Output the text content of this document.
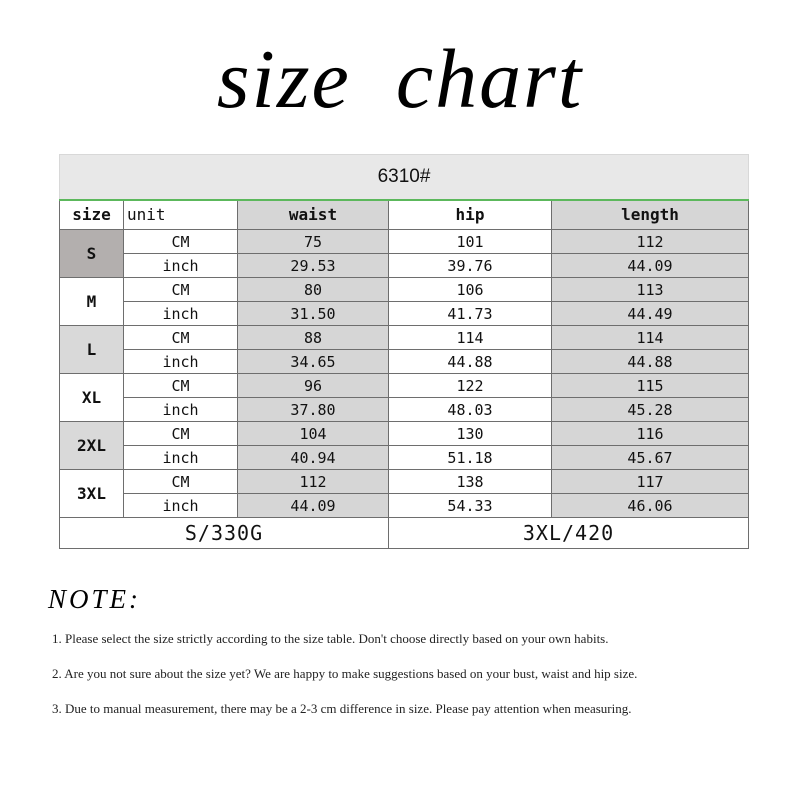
size chart
6310#				
size	unit	waist	hip	length
S	CM	75	101	112
	inch	29.53	39.76	44.09
M	CM	80	106	113
	inch	31.50	41.73	44.49
L	CM	88	114	114
	inch	34.65	44.88	44.88
XL	CM	96	122	115
	inch	37.80	48.03	45.28
2XL	CM	104	130	116
	inch	40.94	51.18	45.67
3XL	CM	112	138	117
	inch	44.09	54.33	46.06
S/330G			3XL/420	
NOTE:

1. Please select the size strictly according to the size table. Don't choose directly based on your own habits.

2. Are you not sure about the size yet? We are happy to make suggestions based on your bust, waist and hip size.

3. Due to manual measurement, there may be a 2-3 cm difference in size. Please pay attention when measuring.
